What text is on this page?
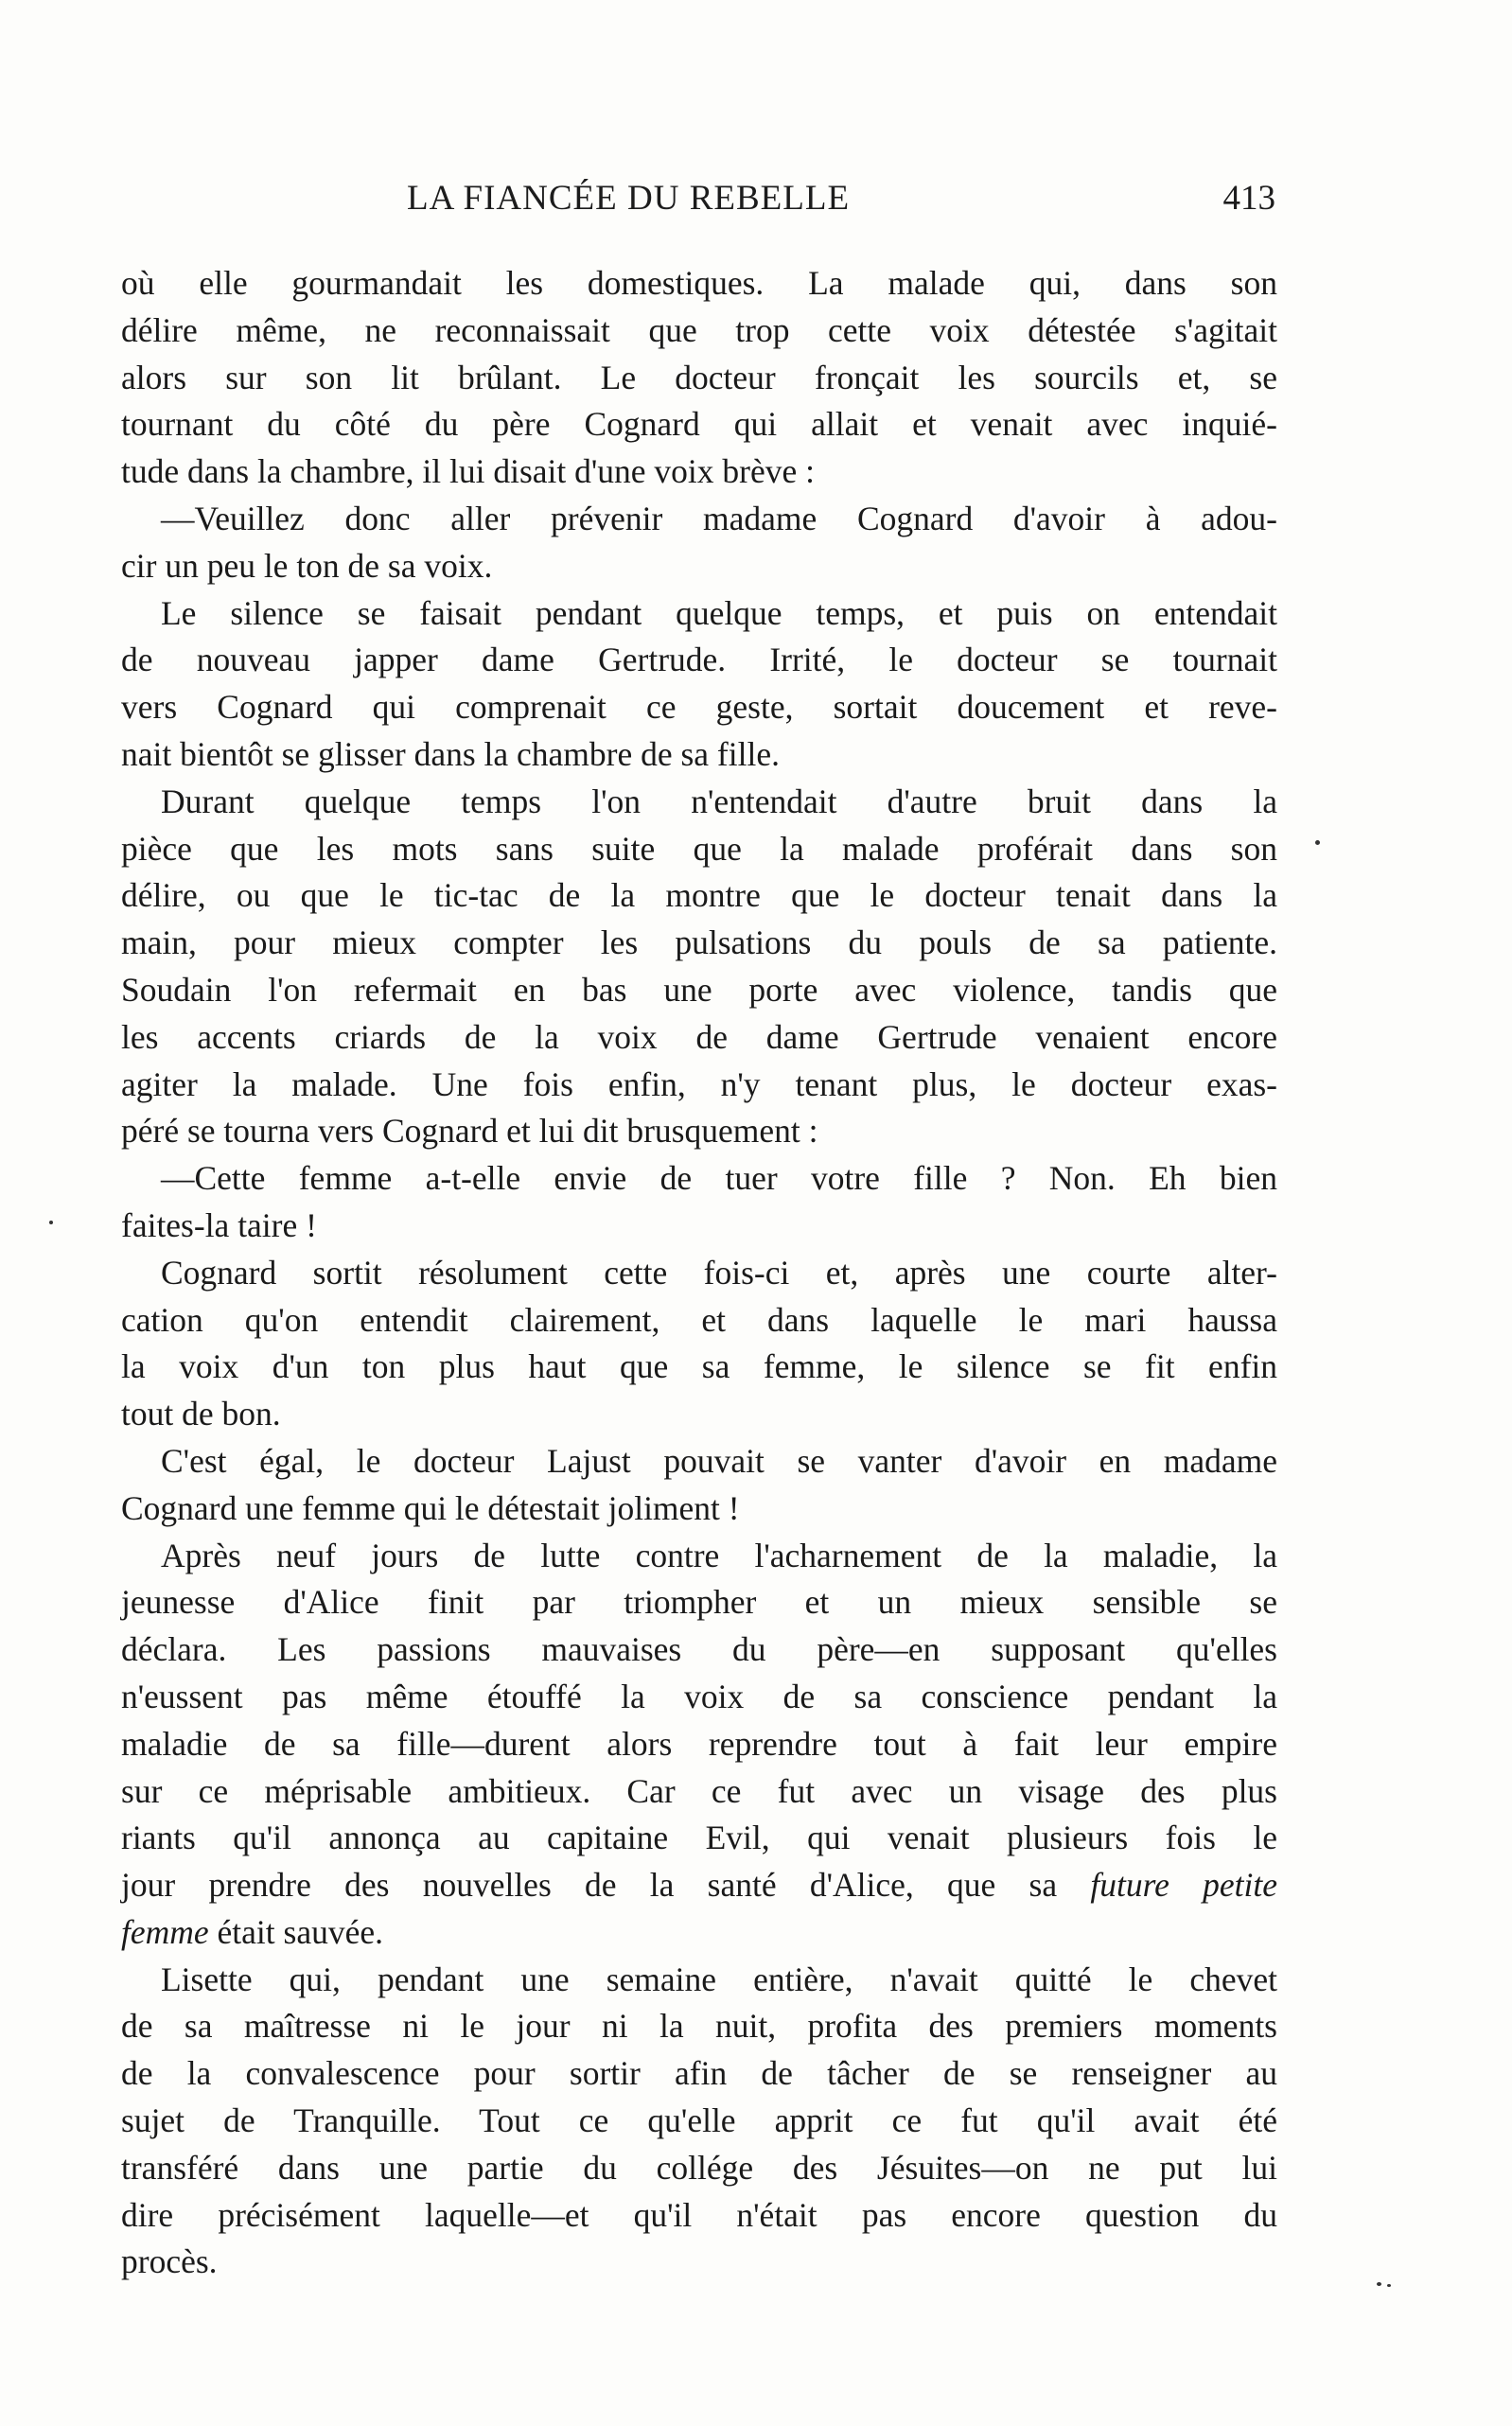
LA FIANCÉE DU REBELLE	413
où elle gourmandait les domestiques. La malade qui, dans son
délire même, ne reconnaissait que trop cette voix détestée s'agitait
alors sur son lit brûlant. Le docteur fronçait les sourcils et, se
tournant du côté du père Cognard qui allait et venait avec inquié-
tude dans la chambre, il lui disait d'une voix brève :
—Veuillez donc aller prévenir madame Cognard d'avoir à adou-
cir un peu le ton de sa voix.
Le silence se faisait pendant quelque temps, et puis on entendait
de nouveau japper dame Gertrude. Irrité, le docteur se tournait
vers Cognard qui comprenait ce geste, sortait doucement et reve-
nait bientôt se glisser dans la chambre de sa fille.
Durant quelque temps l'on n'entendait d'autre bruit dans la
pièce que les mots sans suite que la malade proférait dans son
délire, ou que le tic-tac de la montre que le docteur tenait dans la
main, pour mieux compter les pulsations du pouls de sa patiente.
Soudain l'on refermait en bas une porte avec violence, tandis que
les accents criards de la voix de dame Gertrude venaient encore
agiter la malade. Une fois enfin, n'y tenant plus, le docteur exas-
péré se tourna vers Cognard et lui dit brusquement :
—Cette femme a-t-elle envie de tuer votre fille ? Non. Eh bien
faites-la taire !
Cognard sortit résolument cette fois-ci et, après une courte alter-
cation qu'on entendit clairement, et dans laquelle le mari haussa
la voix d'un ton plus haut que sa femme, le silence se fit enfin
tout de bon.
C'est égal, le docteur Lajust pouvait se vanter d'avoir en madame
Cognard une femme qui le détestait joliment !
Après neuf jours de lutte contre l'acharnement de la maladie, la
jeunesse d'Alice finit par triompher et un mieux sensible se
déclara. Les passions mauvaises du père—en supposant qu'elles
n'eussent pas même étouffé la voix de sa conscience pendant la
maladie de sa fille—durent alors reprendre tout à fait leur empire
sur ce méprisable ambitieux. Car ce fut avec un visage des plus
riants qu'il annonça au capitaine Evil, qui venait plusieurs fois le
jour prendre des nouvelles de la santé d'Alice, que sa future petite
femme était sauvée.
Lisette qui, pendant une semaine entière, n'avait quitté le chevet
de sa maîtresse ni le jour ni la nuit, profita des premiers moments
de la convalescence pour sortir afin de tâcher de se renseigner au
sujet de Tranquille. Tout ce qu'elle apprit ce fut qu'il avait été
transféré dans une partie du collége des Jésuites—on ne put lui
dire précisément laquelle—et qu'il n'était pas encore question du
procès.
